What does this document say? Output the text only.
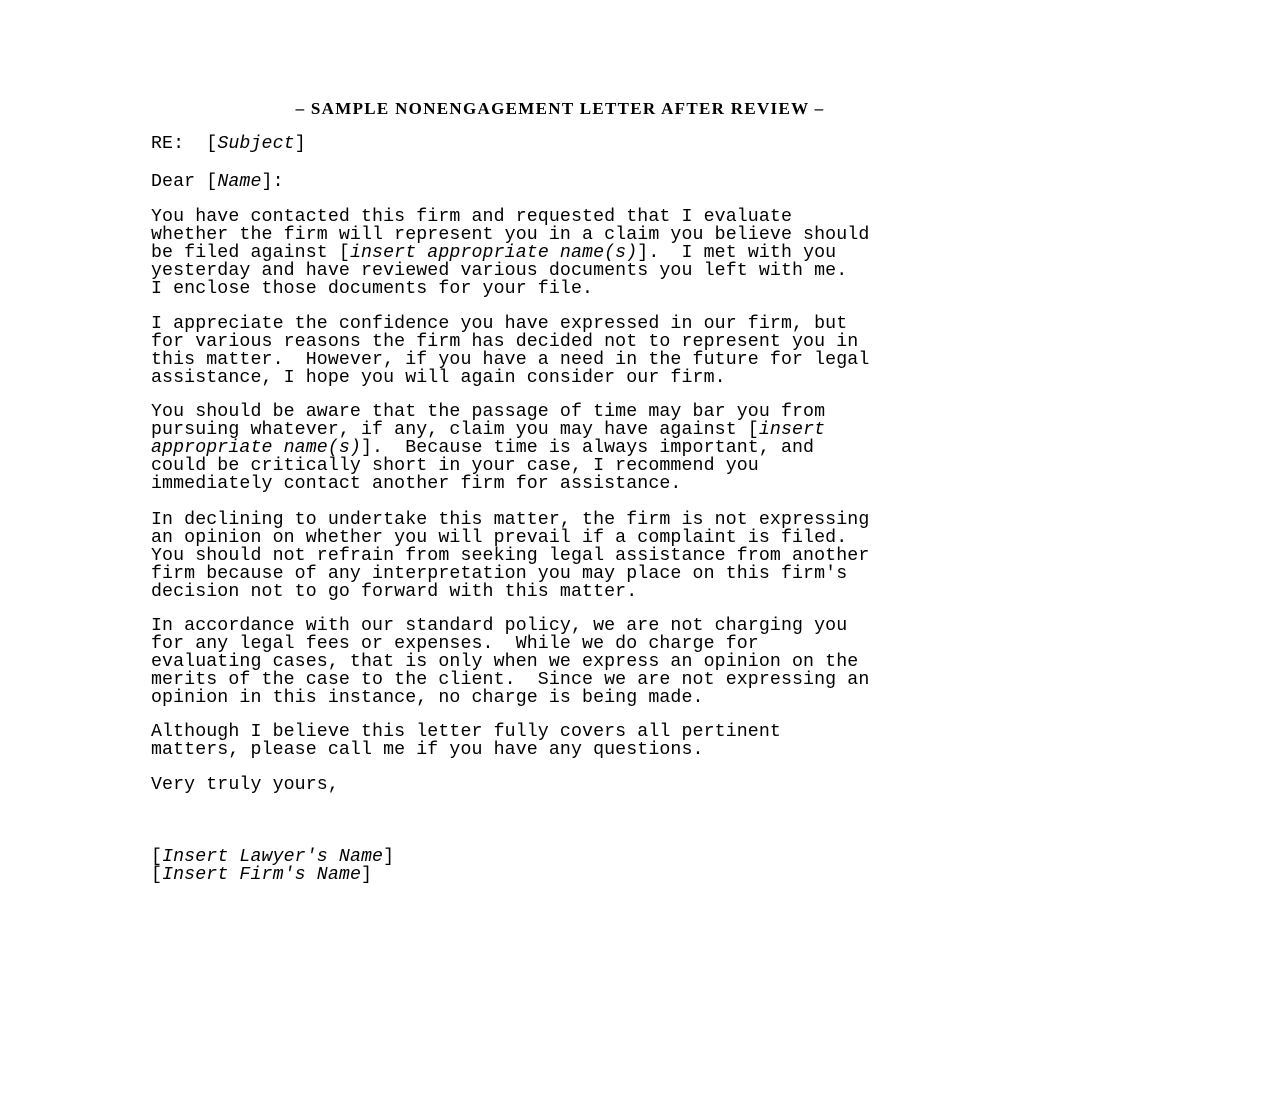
– SAMPLE NONENGAGEMENT LETTER AFTER REVIEW –
RE:  [Subject]
Dear [Name]:
You have contacted this firm and requested that I evaluate
whether the firm will represent you in a claim you believe should
be filed against [insert appropriate name(s)].  I met with you
yesterday and have reviewed various documents you left with me.
I enclose those documents for your file.
I appreciate the confidence you have expressed in our firm, but
for various reasons the firm has decided not to represent you in
this matter.  However, if you have a need in the future for legal
assistance, I hope you will again consider our firm.
You should be aware that the passage of time may bar you from
pursuing whatever, if any, claim you may have against [insert
appropriate name(s)].  Because time is always important, and
could be critically short in your case, I recommend you
immediately contact another firm for assistance.
In declining to undertake this matter, the firm is not expressing
an opinion on whether you will prevail if a complaint is filed.
You should not refrain from seeking legal assistance from another
firm because of any interpretation you may place on this firm's
decision not to go forward with this matter.
In accordance with our standard policy, we are not charging you
for any legal fees or expenses.  While we do charge for
evaluating cases, that is only when we express an opinion on the
merits of the case to the client.  Since we are not expressing an
opinion in this instance, no charge is being made.
Although I believe this letter fully covers all pertinent
matters, please call me if you have any questions.
Very truly yours,
[Insert Lawyer's Name]
[Insert Firm's Name]
